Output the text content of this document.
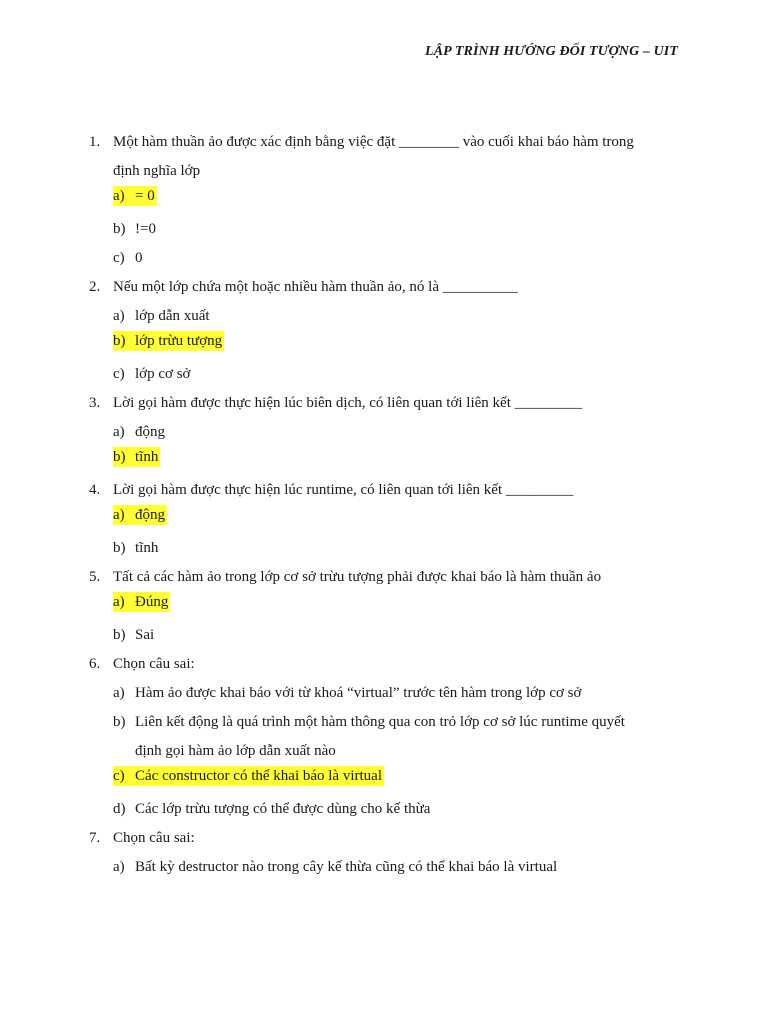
LẬP TRÌNH HƯỚNG ĐỐI TƯỢNG – UIT
1. Một hàm thuần ảo được xác định bằng việc đặt ________ vào cuối khai báo hàm trong
định nghĩa lớp
a) = 0
b) !=0
c) 0
2. Nếu một lớp chứa một hoặc nhiều hàm thuần ảo, nó là __________
a) lớp dẫn xuất
b) lớp trừu tượng
c) lớp cơ sở
3. Lời gọi hàm được thực hiện lúc biên dịch, có liên quan tới liên kết _________
a) động
b) tĩnh
4. Lời gọi hàm được thực hiện lúc runtime, có liên quan tới liên kết _________
a) động
b) tĩnh
5. Tất cả các hàm ảo trong lớp cơ sở trừu tượng phải được khai báo là hàm thuần ảo
a) Đúng
b) Sai
6. Chọn câu sai:
a) Hàm ảo được khai báo với từ khoá “virtual” trước tên hàm trong lớp cơ sở
b) Liên kết động là quá trình một hàm thông qua con trỏ lớp cơ sở lúc runtime quyết
định gọi hàm ảo lớp dẫn xuất nào
c) Các constructor có thể khai báo là virtual
d) Các lớp trừu tượng có thể được dùng cho kế thừa
7. Chọn câu sai:
a) Bất kỳ destructor nào trong cây kế thừa cũng có thể khai báo là virtual
